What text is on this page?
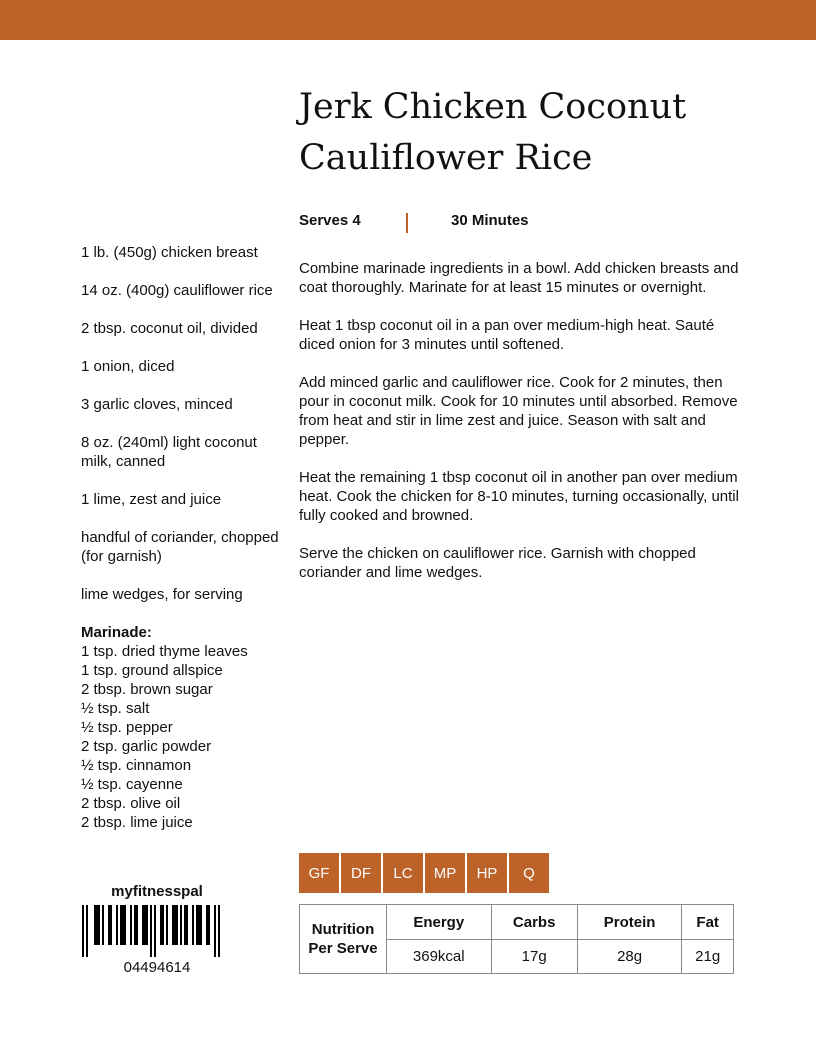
Jerk Chicken Coconut
Cauliflower Rice
Serves 4	30 Minutes
1 lb. (450g) chicken breast
14 oz. (400g) cauliflower rice
2 tbsp. coconut oil, divided
1 onion, diced
3 garlic cloves, minced
8 oz. (240ml) light coconut milk, canned
1 lime, zest and juice
handful of coriander, chopped (for garnish)
lime wedges, for serving
Marinade:
1 tsp. dried thyme leaves
1 tsp. ground allspice
2 tbsp. brown sugar
½ tsp. salt
½ tsp. pepper
2 tsp. garlic powder
½ tsp. cinnamon
½ tsp. cayenne
2 tbsp. olive oil
2 tbsp. lime juice

Combine marinade ingredients in a bowl. Add chicken breasts and coat thoroughly. Marinate for at least 15 minutes or overnight.

Heat 1 tbsp coconut oil in a pan over medium-high heat. Sauté diced onion for 3 minutes until softened.

Add minced garlic and cauliflower rice. Cook for 2 minutes, then pour in coconut milk. Cook for 10 minutes until absorbed. Remove from heat and stir in lime zest and juice. Season with salt and pepper.

Heat the remaining 1 tbsp coconut oil in another pan over medium heat. Cook the chicken for 8-10 minutes, turning occasionally, until fully cooked and browned.

Serve the chicken on cauliflower rice. Garnish with chopped coriander and lime wedges.

GF	DF	LC	MP	HP	Q
Nutrition
Per Serve	Energy	Carbs	Protein	Fat
	369kcal	17g	28g	21g
myfitnesspal
04494614
